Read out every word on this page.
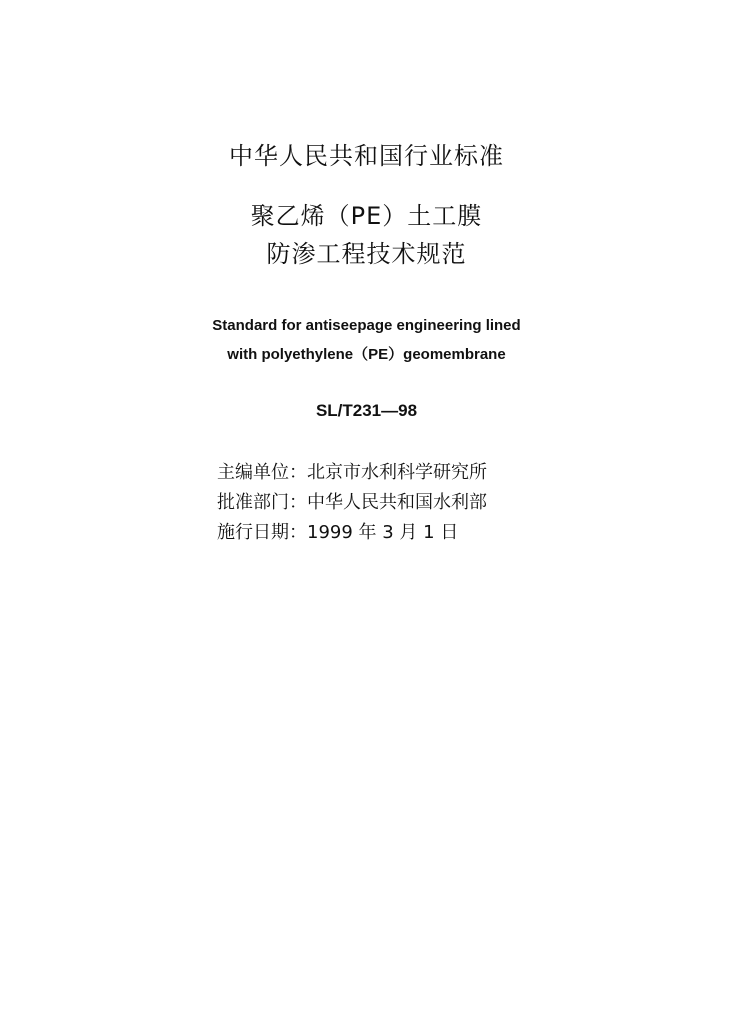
中华人民共和国行业标准
聚乙烯（PE）土工膜
防渗工程技术规范
Standard for antiseepage engineering lined
with polyethylene（PE）geomembrane
SL/T231—98
主编单位：北京市水利科学研究所
批准部门：中华人民共和国水利部
施行日期：1999 年 3 月 1 日
